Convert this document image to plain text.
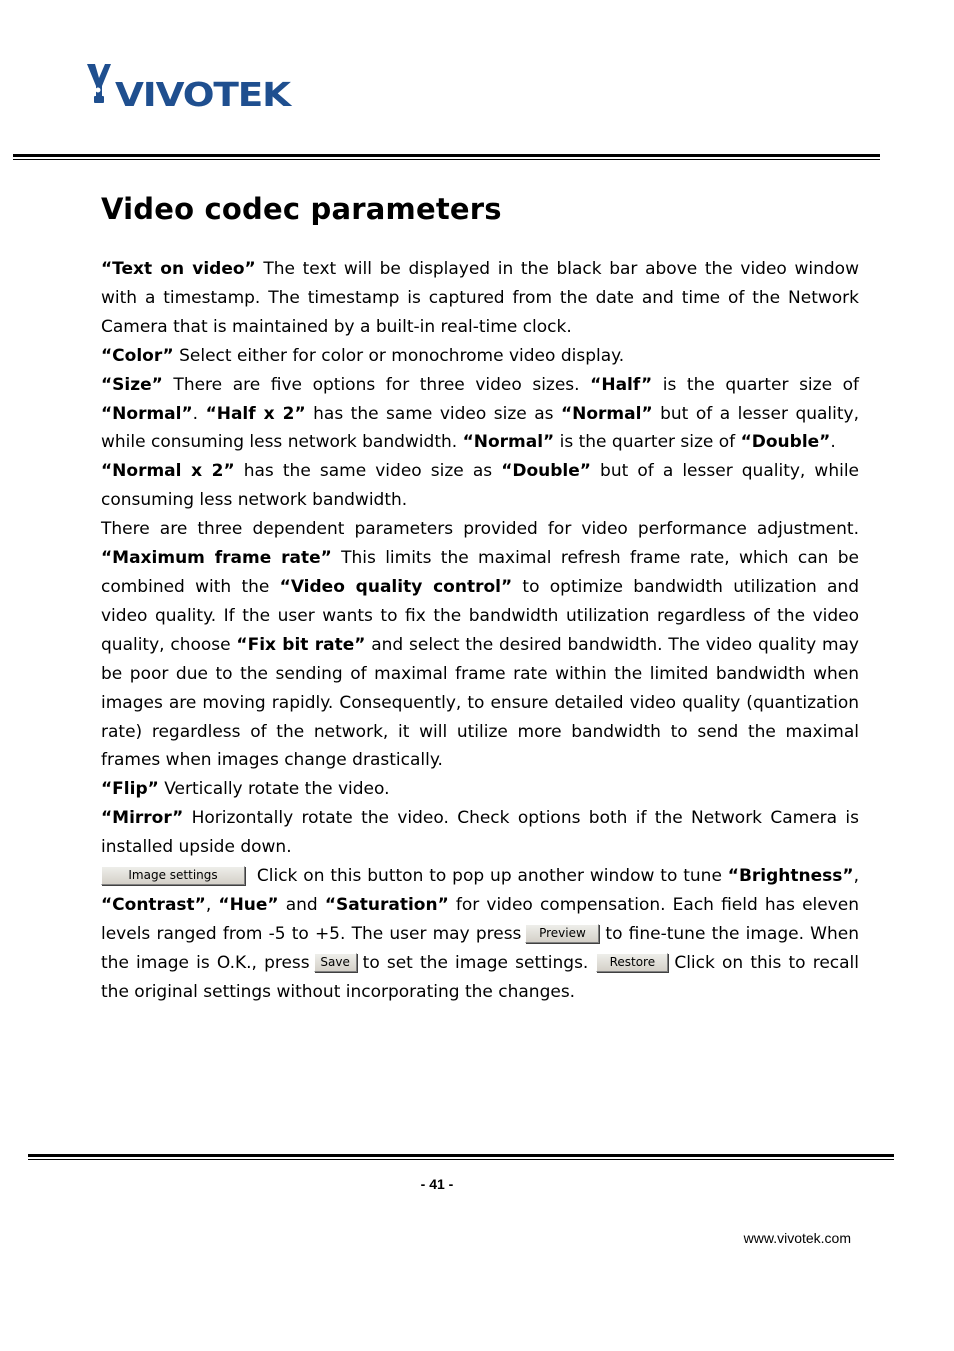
VIVOTEK
Video codec parameters

“Text on video” The text will be displayed in the black bar above the video window with a timestamp. The timestamp is captured from the date and time of the Network Camera that is maintained by a built-in real-time clock.

“Color” Select either for color or monochrome video display.

“Size” There are five options for three video sizes. “Half” is the quarter size of “Normal”. “Half x 2” has the same video size as “Normal” but of a lesser quality, while consuming less network bandwidth. “Normal” is the quarter size of “Double”.

“Normal x 2” has the same video size as “Double” but of a lesser quality, while consuming less network bandwidth.

There are three dependent parameters provided for video performance adjustment. “Maximum frame rate” This limits the maximal refresh frame rate, which can be combined with the “Video quality control” to optimize bandwidth utilization and video quality. If the user wants to fix the bandwidth utilization regardless of the video quality, choose “Fix bit rate” and select the desired bandwidth. The video quality may be poor due to the sending of maximal frame rate within the limited bandwidth when images are moving rapidly. Consequently, to ensure detailed video quality (quantization rate) regardless of the network, it will utilize more bandwidth to send the maximal frames when images change drastically.

“Flip” Vertically rotate the video.

“Mirror” Horizontally rotate the video. Check options both if the Network Camera is installed upside down.

Image settings Click on this button to pop up another window to tune “Brightness”, “Contrast”, “Hue” and “Saturation” for video compensation. Each field has eleven levels ranged from -5 to +5. The user may press Preview to fine-tune the image. When the image is O.K., press Save to set the image settings. Restore Click on this to recall the original settings without incorporating the changes.

- 41 -
www.vivotek.com
